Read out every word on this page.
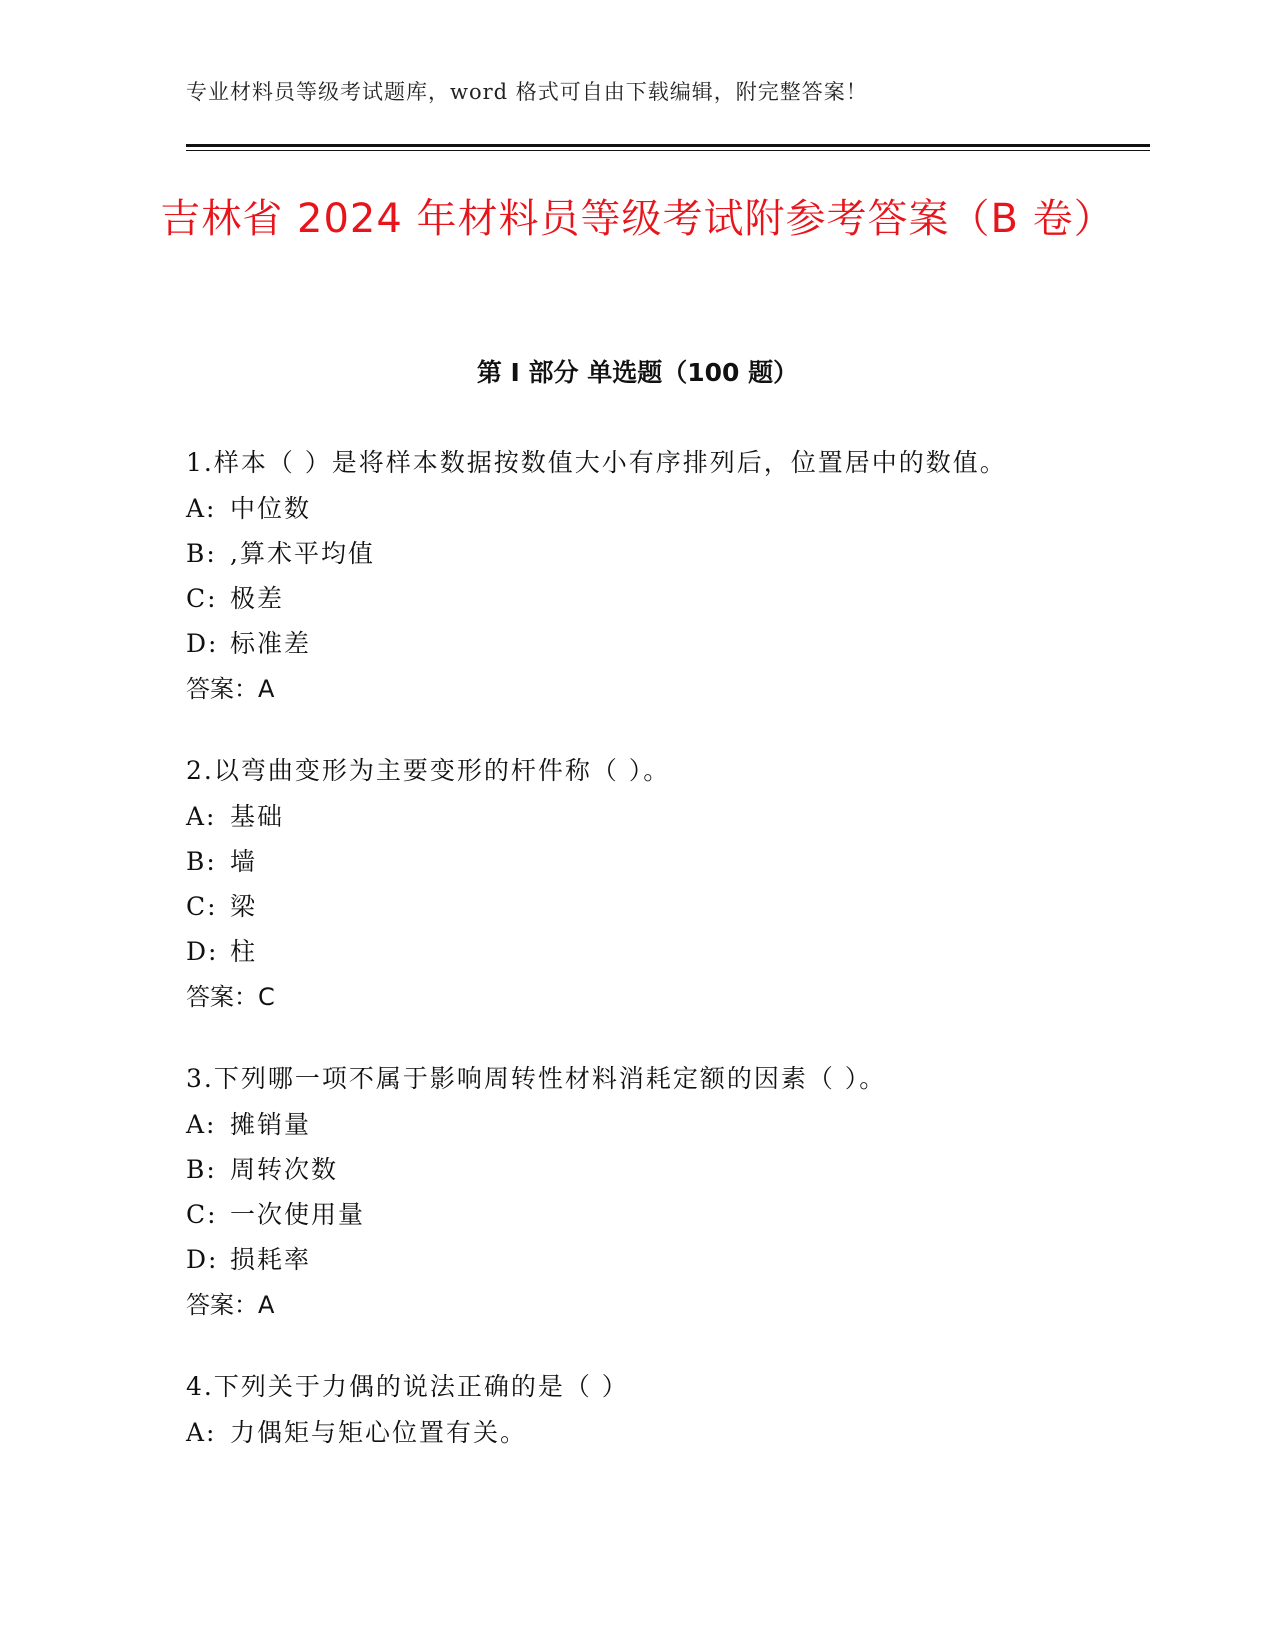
专业材料员等级考试题库，word 格式可自由下载编辑，附完整答案！
吉林省 2024 年材料员等级考试附参考答案（B 卷）
第 I 部分 单选题（100 题）
1.样本（ ）是将样本数据按数值大小有序排列后，位置居中的数值。
A: 中位数
B: ,算术平均值
C: 极差
D: 标准差
答案：A
2.以弯曲变形为主要变形的杆件称（ ）。
A: 基础
B: 墙
C: 梁
D: 柱
答案：C
3.下列哪一项不属于影响周转性材料消耗定额的因素（ ）。
A: 摊销量
B: 周转次数
C: 一次使用量
D: 损耗率
答案：A
4.下列关于力偶的说法正确的是（ ）
A: 力偶矩与矩心位置有关。
